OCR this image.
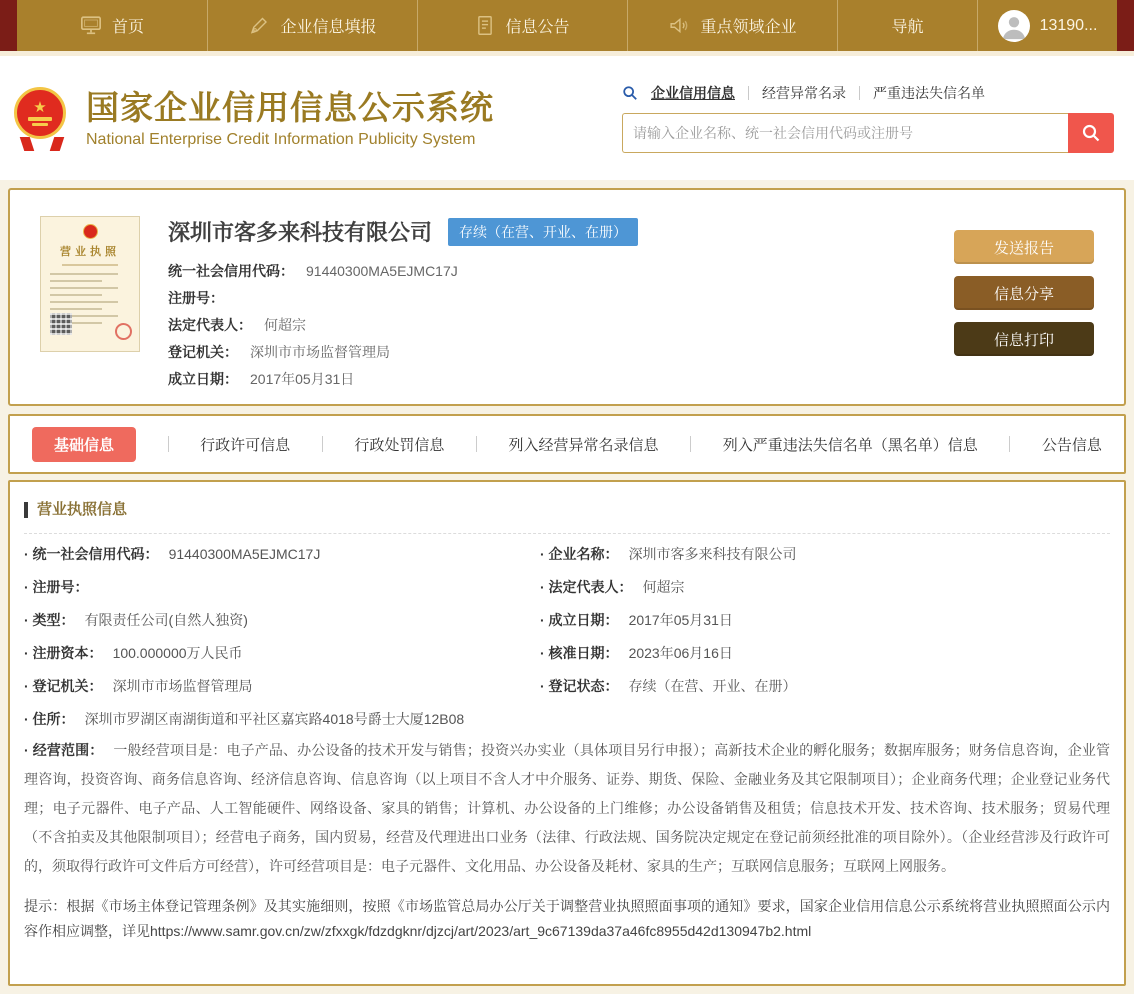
首页	企业信息填报	信息公告	重点领域企业	导航	13190...
★ 国家企业信用信息公示系统
National Enterprise Credit Information Publicity System
企业信用信息 经营异常名录 严重违法失信名单
请输入企业名称、统一社会信用代码或注册号
营业执照
深圳市客多来科技有限公司	存续（在营、开业、在册）
统一社会信用代码： 91440300MA5EJMC17J
注册号：
法定代表人： 何超宗
登记机关： 深圳市市场监督管理局
成立日期： 2017年05月31日
发送报告
信息分享
信息打印
基础信息	行政许可信息	行政处罚信息	列入经营异常名录信息	列入严重违法失信名单（黑名单）信息	公告信息
营业执照信息
· 统一社会信用代码： 91440300MA5EJMC17J	· 企业名称： 深圳市客多来科技有限公司
· 注册号：	· 法定代表人： 何超宗
· 类型： 有限责任公司(自然人独资)	· 成立日期： 2017年05月31日
· 注册资本： 100.000000万人民币	· 核准日期： 2023年06月16日
· 登记机关： 深圳市市场监督管理局	· 登记状态： 存续（在营、开业、在册）

· 住所： 深圳市罗湖区南湖街道和平社区嘉宾路4018号爵士大厦12B08

· 经营范围： 一般经营项目是：电子产品、办公设备的技术开发与销售；投资兴办实业（具体项目另行申报）；高新技术企业的孵化服务；数据库服务；财务信息咨询，企业管理咨询，投资咨询、商务信息咨询、经济信息咨询、信息咨询（以上项目不含人才中介服务、证券、期货、保险、金融业务及其它限制项目）；企业商务代理；企业登记业务代理；电子元器件、电子产品、人工智能硬件、网络设备、家具的销售；计算机、办公设备的上门维修；办公设备销售及租赁；信息技术开发、技术咨询、技术服务；贸易代理（不含拍卖及其他限制项目）；经营电子商务，国内贸易，经营及代理进出口业务（法律、行政法规、国务院决定规定在登记前须经批准的项目除外）。（企业经营涉及行政许可的，须取得行政许可文件后方可经营），许可经营项目是：电子元器件、文化用品、办公设备及耗材、家具的生产；互联网信息服务；互联网上网服务。

提示：根据《市场主体登记管理条例》及其实施细则，按照《市场监管总局办公厅关于调整营业执照照面事项的通知》要求，国家企业信用信息公示系统将营业执照照面公示内容作相应调整，详见https://www.samr.gov.cn/zw/zfxxgk/fdzdgknr/djzcj/art/2023/art_9c67139da37a46fc8955d42d130947b2.html
